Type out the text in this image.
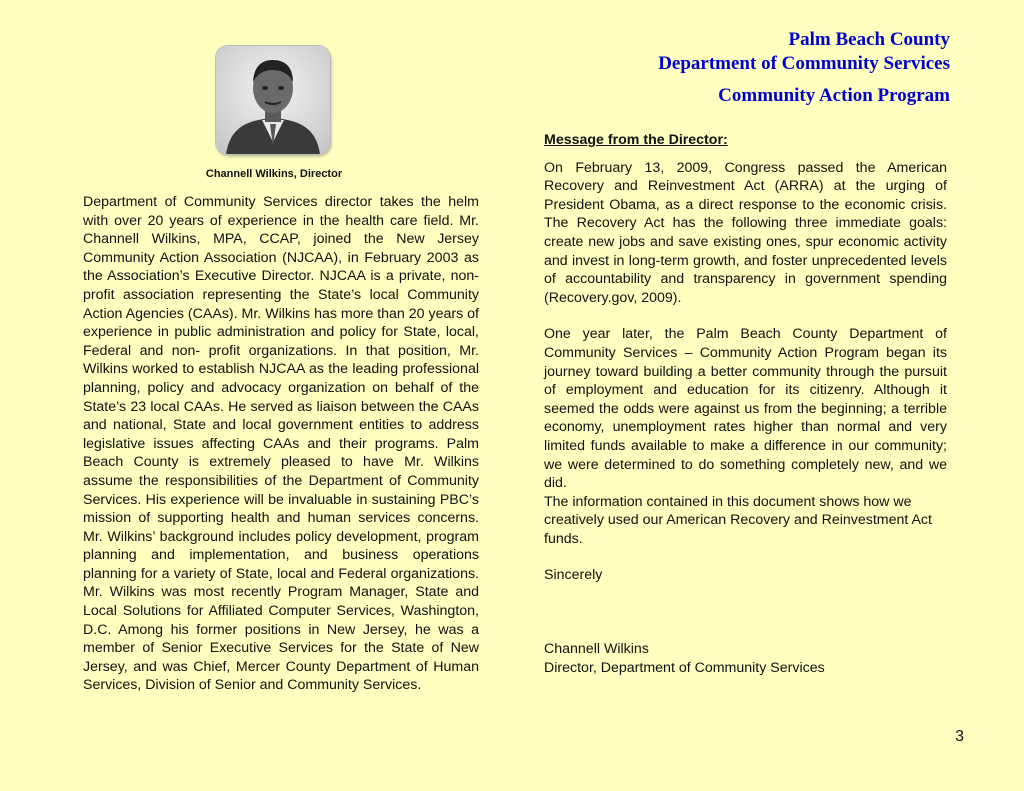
Palm Beach County
Department of Community Services
Community Action Program
Channell Wilkins, Director

Department of Community Services director takes the helm with over 20 years of experience in the health care field. Mr. Channell Wilkins, MPA, CCAP, joined the New Jersey Community Action Association (NJCAA), in February 2003 as the Association’s Executive Director. NJCAA is a private, non-profit association representing the State’s local Community Action Agencies (CAAs). Mr. Wilkins has more than 20 years of experience in public administration and policy for State, local, Federal and non- profit organizations. In that position, Mr. Wilkins worked to establish NJCAA as the leading professional planning, policy and advocacy organization on behalf of the State’s 23 local CAAs. He served as liaison between the CAAs and national, State and local government entities to address legislative issues affecting CAAs and their programs. Palm Beach County is extremely pleased to have Mr. Wilkins assume the responsibilities of the Department of Community Services. His experience will be invaluable in sustaining PBC’s mission of supporting health and human services concerns. Mr. Wilkins’ background includes policy development, program planning and implementation, and business operations planning for a variety of State, local and Federal organizations. Mr. Wilkins was most recently Program Manager, State and Local Solutions for Affiliated Computer Services, Washington, D.C. Among his former positions in New Jersey, he was a member of Senior Executive Services for the State of New Jersey, and was Chief, Mercer County Department of Human Services, Division of Senior and Community Services.

Message from the Director:

On February 13, 2009, Congress passed the American Recovery and Reinvestment Act (ARRA) at the urging of President Obama, as a direct response to the economic crisis. The Recovery Act has the following three immediate goals: create new jobs and save existing ones, spur economic activity and invest in long-term growth, and foster unprecedented levels of accountability and transparency in government spending (Recovery.gov, 2009).

One year later, the Palm Beach County Department of Community Services – Community Action Program began its journey toward building a better community through the pursuit of employment and education for its citizenry. Although it seemed the odds were against us from the beginning; a terrible economy, unemployment rates higher than normal and very limited funds available to make a difference in our community; we were determined to do something completely new, and we did.

The information contained in this document shows how we creatively used our American Recovery and Reinvestment Act funds.

Sincerely
Channell Wilkins
Director, Department of Community Services
3
